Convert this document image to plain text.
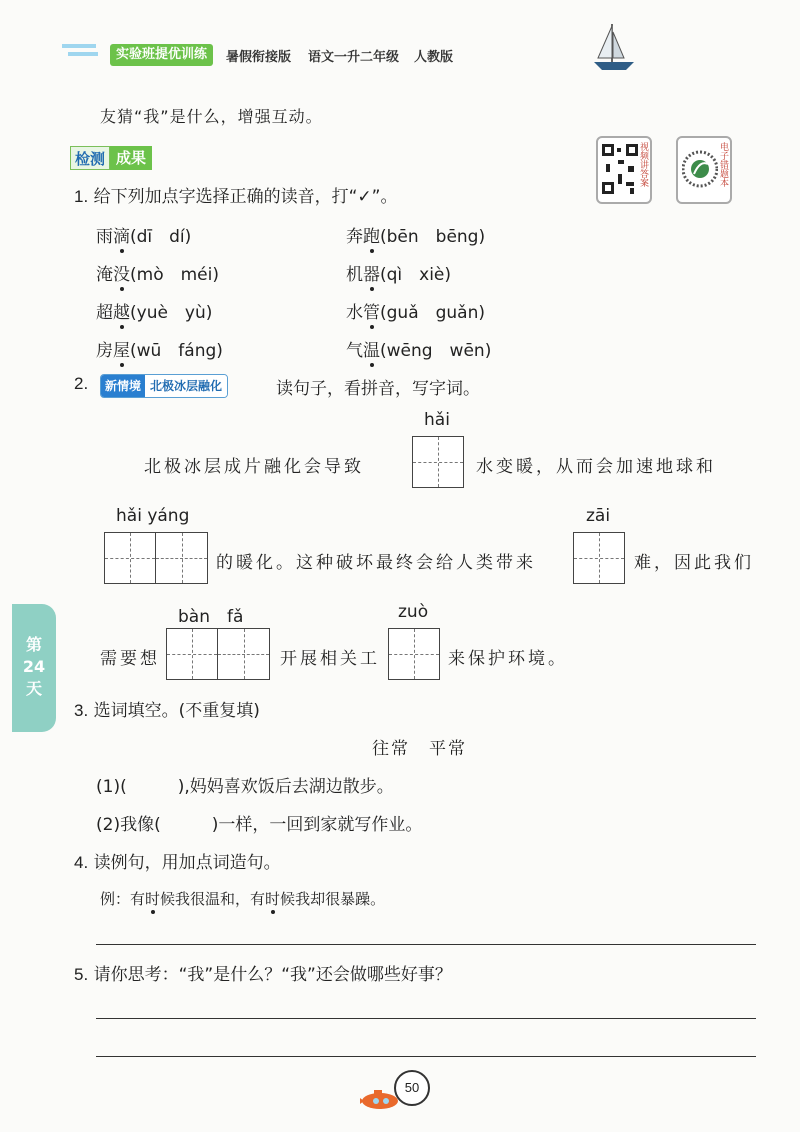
实验班提优训练	暑假衔接版 语文一升二年级 人教版
友猜“我”是什么，增强互动。
检测 成果	视频讲答案	电子错题本
1. 给下列加点字选择正确的读音，打“✓”。
雨滴(dī　dí)	奔跑(bēn　bēng)
淹没(mò　méi)	机器(qì　xiè)
超越(yuè　yù)	水管(guǎ　guǎn)
房屋(wū　fáng)	气温(wēng　wēn)
2.	新情境 北极冰层融化	读句子，看拼音，写字词。
hǎi
北极冰层成片融化会导致	水变暖，从而会加速地球和
hǎi yáng
的暖化。这种破坏最终会给人类带来
zāi
难，因此我们
需要想
bàn　fǎ
开展相关工
zuò
来保护环境。
第
24
天
3. 选词填空。(不重复填)
往常　平常
(1)(　　　),妈妈喜欢饭后去湖边散步。
(2)我像(　　　)一样，一回到家就写作业。
4. 读例句，用加点词造句。
例：有时候我很温和，有时候我却很暴躁。
5. 请你思考：“我”是什么？“我”还会做哪些好事？
50
